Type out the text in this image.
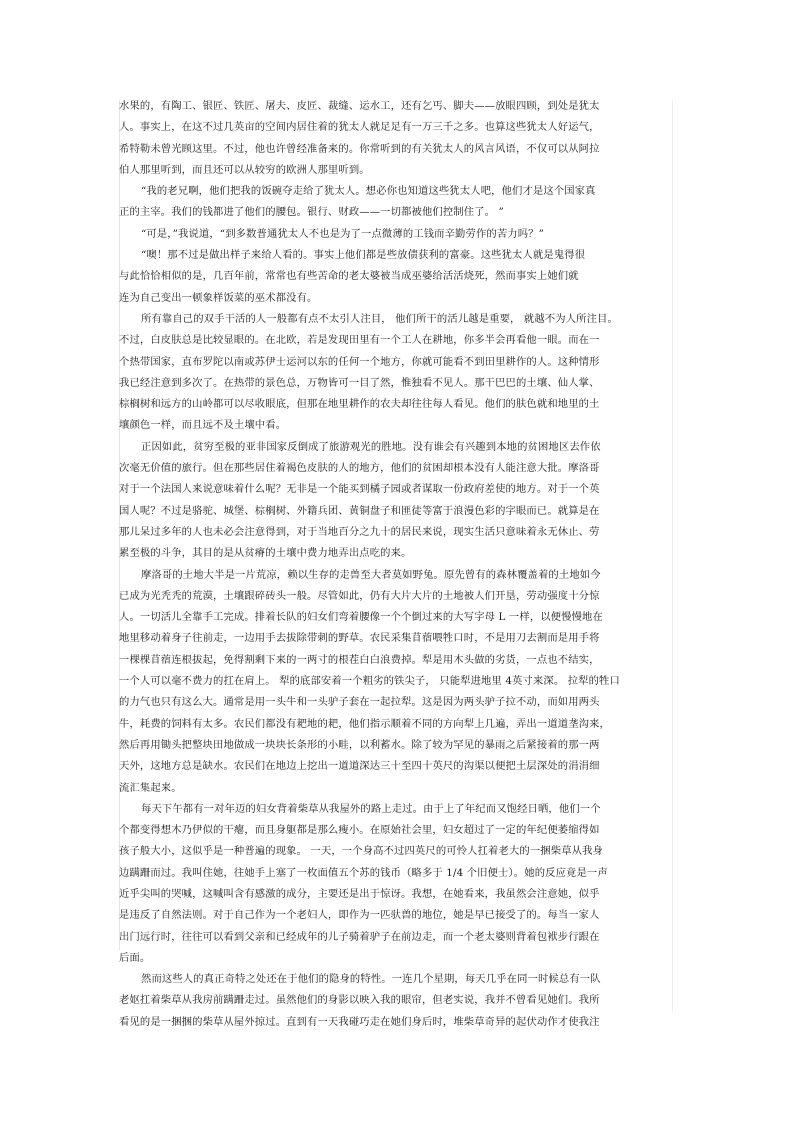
水果的，有陶工、银匠、铁匠、屠夫、皮匠、裁缝、运水工，还有乞丐、脚夫——放眼四顾，到处是犹太
人。事实上，在这不过几英亩的空间内居住着的犹太人就足足有一万三千之多。也算这些犹太人好运气，
希特勒未曾光顾这里。不过，他也许曾经准备来的。你常听到的有关犹太人的风言风语，不仅可以从阿拉
伯人那里听到，而且还可以从较穷的欧洲人那里听到。
“我的老兄啊，他们把我的饭碗夺走给了犹太人。想必你也知道这些犹太人吧，他们才是这个国家真
正的主宰。我们的钱都进了他们的腰包。银行、财政——一切都被他们控制住了。 ”
“可是，”我说道，“到多数普通犹太人不也是为了一点微薄的工钱而辛勤劳作的苦力吗？”
“噢！那不过是做出样子来给人看的。事实上他们都是些放债获利的富豪。这些犹太人就是鬼得很
与此恰恰相似的是，几百年前，常常也有些苦命的老太婆被当成巫婆给活活烧死，然而事实上她们就
连为自己变出一顿象样饭菜的巫术都没有。
所有靠自己的双手干活的人一般都有点不太引人注目， 他们所干的活儿越是重要， 就越不为人所注目。
不过，白皮肤总是比较显眼的。在北欧，若是发现田里有一个工人在耕地，你多半会再看他一眼。而在一
个热带国家，直布罗陀以南或苏伊士运河以东的任何一个地方，你就可能看不到田里耕作的人。这种情形
我已经注意到多次了。在热带的景色总，万物皆可一目了然，惟独看不见人。那干巴巴的土壤、仙人掌、
棕榈树和远方的山岭都可以尽收眼底，但那在地里耕作的农夫却往往每人看见。他们的肤色就和地里的土
壤颜色一样，而且远不及土壤中看。
正因如此，贫穷至极的亚非国家反倒成了旅游观光的胜地。没有谁会有兴趣到本地的贫困地区去作依
次毫无价值的旅行。但在那些居住着褐色皮肤的人的地方，他们的贫困却根本没有人能注意大批。摩洛哥
对于一个法国人来说意味着什么呢？无非是一个能买到橘子园或者谋取一份政府差使的地方。对于一个英
国人呢？不过是骆驼、城堡、棕榈树、外籍兵团、黄铜盘子和匪徒等富于浪漫色彩的字眼而已。就算是在
那儿呆过多年的人也未必会注意得到，对于当地百分之九十的居民来说，现实生活只意味着永无休止、劳
累至极的斗争，其目的是从贫瘠的土壤中费力地弄出点吃的来。
摩洛哥的土地大半是一片荒凉，赖以生存的走兽至大者莫如野兔。原先曾有的森林覆盖着的土地如今
已成为光秃秃的荒漠，土壤跟碎砖头一般。尽管如此，仍有大片大片的土地被人们开垦，劳动强度十分惊
人。一切活儿全靠手工完成。排着长队的妇女们弯着腰像一个个倒过来的大写字母 L 一样，以便慢慢地在
地里移动着身子往前走，一边用手去拔除带刺的野草。农民采集苜蓿喂牲口时，不是用刀去割而是用手将
一棵棵苜蓿连根拔起，免得割剩下来的一两寸的根茬白白浪费掉。犁是用木头做的劣货，一点也不结实，
一个人可以毫不费力的扛在肩上。 犁的底部安着一个粗劣的铁尖子， 只能犁进地里 4英寸来深。 拉犁的牲口
的力气也只有这么大。通常是用一头牛和一头驴子套在一起拉犁。这是因为两头驴子拉不动，而如用两头
牛，耗费的饲料有太多。农民们都没有耙地的耙，他们指示顺着不同的方向犁上几遍，弄出一道道垄沟来，
然后再用锄头把整块田地做成一块块长条形的小畦，以利蓄水。除了较为罕见的暴雨之后紧接着的那一两
天外，这地方总是缺水。农民们在地边上挖出一道道深达三十至四十英尺的沟渠以便把土层深处的涓涓细
流汇集起来。
每天下午都有一对年迈的妇女背着柴草从我屋外的路上走过。由于上了年纪而又饱经日晒，他们一个
个都变得想木乃伊似的干瘪，而且身躯都是那么瘦小。在原始社会里，妇女超过了一定的年纪便萎缩得如
孩子般大小，这似乎是一种普遍的现象。 一天，一个身高不过四英尺的可怜人扛着老大的一捆柴草从我身
边蹒跚而过。我叫住她，往她手上塞了一枚面值五个苏的钱币（略多于 1/4 个旧便士）。她的反应竟是一声
近乎尖叫的哭喊，这喊叫含有感激的成分，主要还是出于惊讶。我想，在她看来，我虽然会注意她，似乎
是违反了自然法则。对于自己作为一个老妇人，即作为一匹驮兽的地位，她是早已接受了的。每当一家人
出门远行时，往往可以看到父亲和已经成年的儿子骑着驴子在前边走，而一个老太婆则背着包袱步行跟在
后面。
然而这些人的真正奇特之处还在于他们的隐身的特性。一连几个星期，每天几乎在同一时候总有一队
老妪扛着柴草从我房前蹒跚走过。虽然他们的身影以映入我的眼帘，但老实说，我并不曾看见她们。我所
看见的是一捆捆的柴草从屋外掠过。直到有一天我碰巧走在她们身后时，堆柴草奇异的起伏动作才使我注
